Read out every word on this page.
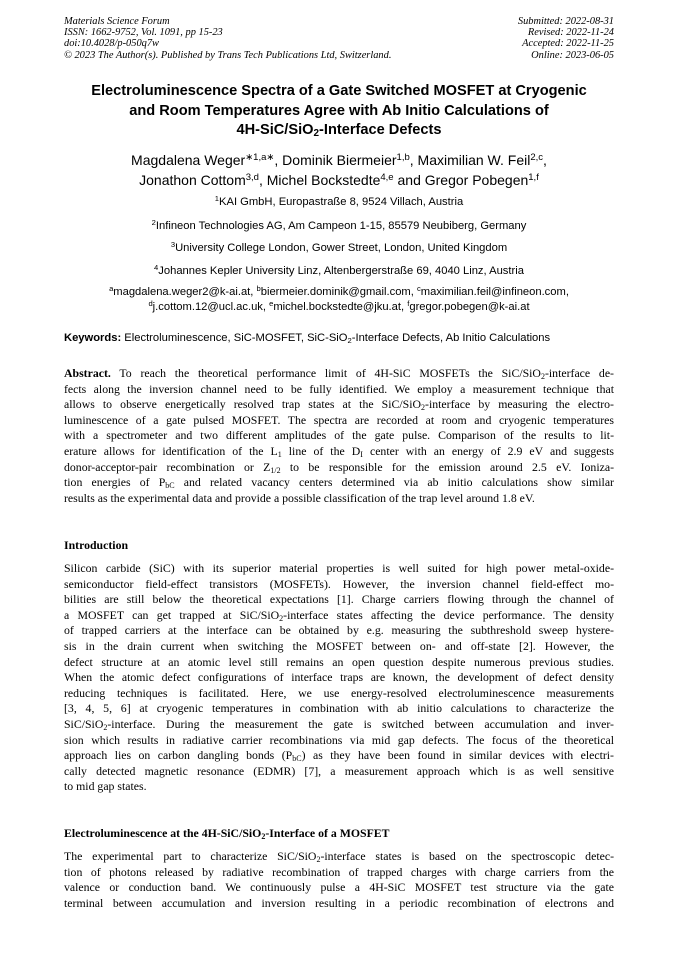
Materials Science Forum
ISSN: 1662-9752, Vol. 1091, pp 15-23
doi:10.4028/p-050q7w
© 2023 The Author(s). Published by Trans Tech Publications Ltd, Switzerland.
Submitted: 2022-08-31
Revised: 2022-11-24
Accepted: 2022-11-25
Online: 2023-06-05
Electroluminescence Spectra of a Gate Switched MOSFET at Cryogenic
and Room Temperatures Agree with Ab Initio Calculations of
4H-SiC/SiO$_2$-Interface Defects
Magdalena Weger$^{∗1,a∗}$, Dominik Biermeier$^{1,b}$, Maximilian W. Feil$^{2,c}$,
Jonathon Cottom$^{3,d}$, Michel Bockstedte$^{4,e}$ and Gregor Pobegen$^{1,f}$
$^1$KAI GmbH, Europastraße 8, 9524 Villach, Austria
$^2$Infineon Technologies AG, Am Campeon 1-15, 85579 Neubiberg, Germany
$^3$University College London, Gower Street, London, United Kingdom
$^4$Johannes Kepler University Linz, Altenbergerstraße 69, 4040 Linz, Austria
$^a$magdalena.weger2@k-ai.at, $^b$biermeier.dominik@gmail.com, $^c$maximilian.feil@infineon.com,
$^d$j.cottom.12@ucl.ac.uk, $^e$michel.bockstedte@jku.at, $^f$gregor.pobegen@k-ai.at
Keywords: Electroluminescence, SiC-MOSFET, SiC-SiO$_2$-Interface Defects, Ab Initio Calculations
Abstract. To reach the theoretical performance limit of 4H-SiC MOSFETs the SiC/SiO$_2$-interface de-
fects along the inversion channel need to be fully identified. We employ a measurement technique that
allows to observe energetically resolved trap states at the SiC/SiO$_2$-interface by measuring the electro-
luminescence of a gate pulsed MOSFET. The spectra are recorded at room and cryogenic temperatures
with a spectrometer and two different amplitudes of the gate pulse. Comparison of the results to lit-
erature allows for identification of the $L_1$ line of the $D_I$ center with an energy of 2.9 eV and suggests
donor-acceptor-pair recombination or $Z_{1/2}$ to be responsible for the emission around 2.5 eV. Ioniza-
tion energies of $P_{bC}$ and related vacancy centers determined via ab initio calculations show similar
results as the experimental data and provide a possible classification of the trap level around 1.8 eV.
Introduction
Silicon carbide (SiC) with its superior material properties is well suited for high power metal-oxide-
semiconductor field-effect transistors (MOSFETs). However, the inversion channel field-effect mo-
bilities are still below the theoretical expectations [1]. Charge carriers flowing through the channel of
a MOSFET can get trapped at SiC/SiO$_2$-interface states affecting the device performance. The density
of trapped carriers at the interface can be obtained by e.g. measuring the subthreshold sweep hystere-
sis in the drain current when switching the MOSFET between on- and off-state [2]. However, the
defect structure at an atomic level still remains an open question despite numerous previous studies.
When the atomic defect configurations of interface traps are known, the development of defect density
reducing techniques is facilitated. Here, we use energy-resolved electroluminescence measurements
[3, 4, 5, 6] at cryogenic temperatures in combination with ab initio calculations to characterize the
SiC/SiO$_2$-interface. During the measurement the gate is switched between accumulation and inver-
sion which results in radiative carrier recombinations via mid gap defects. The focus of the theoretical
approach lies on carbon dangling bonds $(P_{bC})$ as they have been found in similar devices with electri-
cally detected magnetic resonance (EDMR) [7], a measurement approach which is as well sensitive
to mid gap states.
Electroluminescence at the 4H-SiC/SiO$_2$-Interface of a MOSFET
The experimental part to characterize SiC/SiO$_2$-interface states is based on the spectroscopic detec-
tion of photons released by radiative recombination of trapped charges with charge carriers from the
valence or conduction band. We continuously pulse a 4H-SiC MOSFET test structure via the gate
terminal between accumulation and inversion resulting in a periodic recombination of electrons and
